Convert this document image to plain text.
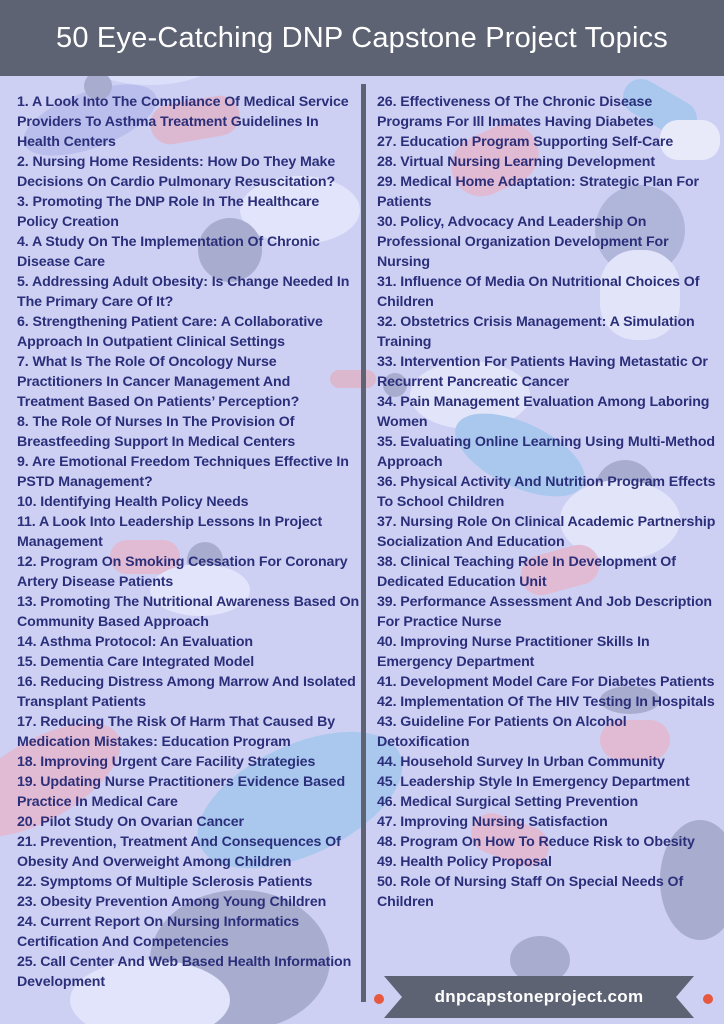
50 Eye-Catching DNP Capstone Project Topics
1. A Look Into The Compliance Of Medical Service Providers To Asthma Treatment Guidelines In Health Centers
2. Nursing Home Residents: How Do They Make Decisions On Cardio Pulmonary Resuscitation?
3. Promoting The DNP Role In The Healthcare Policy Creation
4. A Study On The Implementation Of Chronic Disease Care
5. Addressing Adult Obesity: Is Change Needed In The Primary Care Of It?
6. Strengthening Patient Care: A Collaborative Approach In Outpatient Clinical Settings
7. What Is The Role Of Oncology Nurse Practitioners In Cancer Management And Treatment Based On Patients’ Perception?
8. The Role Of Nurses In The Provision Of Breastfeeding Support In Medical Centers
9. Are Emotional Freedom Techniques Effective In PSTD Management?
10. Identifying Health Policy Needs
11. A Look Into Leadership Lessons In Project Management
12. Program On Smoking Cessation For Coronary Artery Disease Patients
13. Promoting The Nutritional Awareness Based On Community Based Approach
14. Asthma Protocol: An Evaluation
15. Dementia Care Integrated Model
16. Reducing Distress Among Marrow And Isolated Transplant Patients
17. Reducing The Risk Of Harm That Caused By Medication Mistakes: Education Program
18. Improving Urgent Care Facility Strategies
19. Updating Nurse Practitioners Evidence Based Practice In Medical Care
20. Pilot Study On Ovarian Cancer
21. Prevention, Treatment And Consequences Of Obesity And Overweight Among Children
22. Symptoms Of Multiple Sclerosis Patients
23. Obesity Prevention Among Young Children
24. Current Report On Nursing Informatics Certification And Competencies
25. Call Center And Web Based Health Information Development
26. Effectiveness Of The Chronic Disease Programs For Ill Inmates Having Diabetes
27. Education Program Supporting Self-Care
28. Virtual Nursing Learning Development
29. Medical Home Adaptation: Strategic Plan For Patients
30. Policy, Advocacy And Leadership On Professional Organization Development For Nursing
31. Influence Of Media On Nutritional Choices Of Children
32. Obstetrics Crisis Management: A Simulation Training
33. Intervention For Patients Having Metastatic Or Recurrent Pancreatic Cancer
34. Pain Management Evaluation Among Laboring Women
35. Evaluating Online Learning Using Multi-Method Approach
36. Physical Activity And Nutrition Program Effects To School Children
37. Nursing Role On Clinical Academic Partnership Socialization And Education
38. Clinical Teaching Role In Development Of Dedicated Education Unit
39. Performance Assessment And Job Description For Practice Nurse
40. Improving Nurse Practitioner Skills In Emergency Department
41. Development Model Care For Diabetes Patients
42. Implementation Of The HIV Testing In Hospitals
43. Guideline For Patients On Alcohol Detoxification
44. Household Survey In Urban Community
45. Leadership Style In Emergency Department
46. Medical Surgical Setting Prevention
47. Improving Nursing Satisfaction
48. Program On How To Reduce Risk to Obesity
49. Health Policy Proposal
50. Role Of Nursing Staff On Special Needs Of Children
dnpcapstoneproject.com
